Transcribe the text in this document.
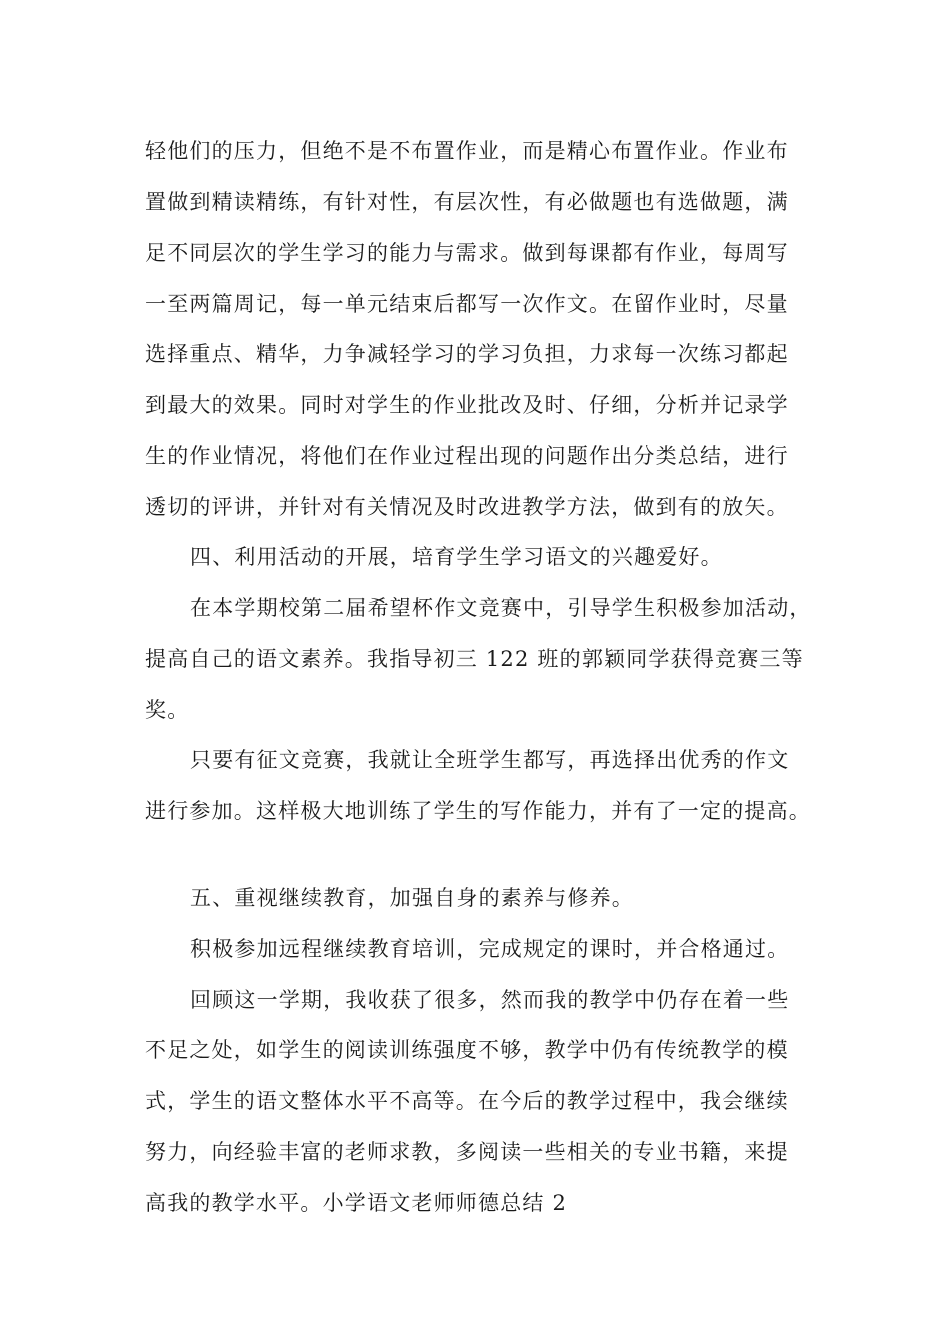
轻他们的压力，但绝不是不布置作业，而是精心布置作业。作业布

置做到精读精练，有针对性，有层次性，有必做题也有选做题，满

足不同层次的学生学习的能力与需求。做到每课都有作业，每周写

一至两篇周记，每一单元结束后都写一次作文。在留作业时，尽量

选择重点、精华，力争减轻学习的学习负担，力求每一次练习都起

到最大的效果。同时对学生的作业批改及时、仔细，分析并记录学

生的作业情况，将他们在作业过程出现的问题作出分类总结，进行

透切的评讲，并针对有关情况及时改进教学方法，做到有的放矢。

四、利用活动的开展，培育学生学习语文的兴趣爱好。

在本学期校第二届希望杯作文竞赛中，引导学生积极参加活动，

提高自己的语文素养。我指导初三 122 班的郭颖同学获得竞赛三等

奖。

只要有征文竞赛，我就让全班学生都写，再选择出优秀的作文

进行参加。这样极大地训练了学生的写作能力，并有了一定的提高。

五、重视继续教育，加强自身的素养与修养。

积极参加远程继续教育培训，完成规定的课时，并合格通过。

回顾这一学期，我收获了很多，然而我的教学中仍存在着一些

不足之处，如学生的阅读训练强度不够，教学中仍有传统教学的模

式，学生的语文整体水平不高等。在今后的教学过程中，我会继续

努力，向经验丰富的老师求教，多阅读一些相关的专业书籍，来提

高我的教学水平。小学语文老师师德总结 2
